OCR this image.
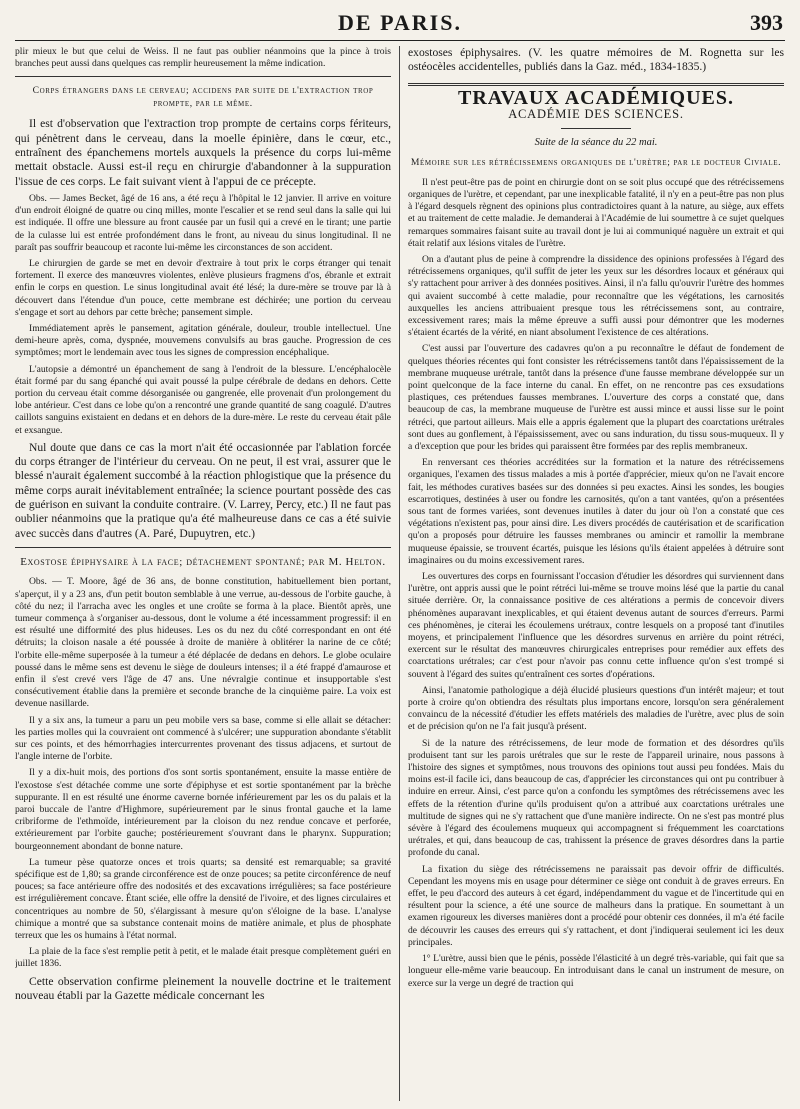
DE PARIS.	393

plir mieux le but que celui de Weiss. Il ne faut pas oublier néanmoins que la pince à trois branches peut aussi dans quelques cas remplir heureusement la même indication.

Corps étrangers dans le cerveau; accidens par suite de l'extraction trop prompte, par le même.

Il est d'observation que l'extraction trop prompte de certains corps fériteurs, qui pénètrent dans le cerveau, dans la moelle épinière, dans le cœur, etc., entraînent des épanchemens mortels auxquels la présence du corps lui-même mettait obstacle. Aussi est-il reçu en chirurgie d'abandonner à la suppuration l'issue de ces corps. Le fait suivant vient à l'appui de ce précepte.

Obs. — James Becket, âgé de 16 ans, a été reçu à l'hôpital le 12 janvier. Il arrive en voiture d'un endroit éloigné de quatre ou cinq milles, monte l'escalier et se rend seul dans la salle qui lui est indiquée. Il offre une blessure au front causée par un fusil qui a crevé en le tirant; une partie de la culasse lui est entrée profondément dans le front, au niveau du sinus longitudinal. Il ne paraît pas souffrir beaucoup et raconte lui-même les circonstances de son accident.

Le chirurgien de garde se met en devoir d'extraire à tout prix le corps étranger qui tenait fortement. Il exerce des manœuvres violentes, enlève plusieurs fragmens d'os, ébranle et extrait enfin le corps en question. Le sinus longitudinal avait été lésé; la dure-mère se trouve par là à découvert dans l'étendue d'un pouce, cette membrane est déchirée; une portion du cerveau s'engage et sort au dehors par cette brèche; pansement simple.

Immédiatement après le pansement, agitation générale, douleur, trouble intellectuel. Une demi-heure après, coma, dyspnée, mouvemens convulsifs au bras gauche. Progression de ces symptômes; mort le lendemain avec tous les signes de compression encéphalique.

L'autopsie a démontré un épanchement de sang à l'endroit de la blessure. L'encéphalocèle était formé par du sang épanché qui avait poussé la pulpe cérébrale de dedans en dehors. Cette portion du cerveau était comme désorganisée ou gangrenée, elle provenait d'un prolongement du lobe antérieur. C'est dans ce lobe qu'on a rencontré une grande quantité de sang coagulé. D'autres caillots sanguins existaient en dedans et en dehors de la dure-mère. Le reste du cerveau était pâle et exsangue.

Nul doute que dans ce cas la mort n'ait été occasionnée par l'ablation forcée du corps étranger de l'intérieur du cerveau. On ne peut, il est vrai, assurer que le blessé n'aurait également succombé à la réaction phlogistique que la présence du même corps aurait inévitablement entraînée; la science pourtant possède des cas de guérison en suivant la conduite contraire. (V. Larrey, Percy, etc.) Il ne faut pas oublier néanmoins que la pratique qu'a été malheureuse dans ce cas a été suivie avec succès dans d'autres (A. Paré, Dupuytren, etc.)

Exostose épiphysaire à la face; détachement spontané; par M. Helton.

Obs. — T. Moore, âgé de 36 ans, de bonne constitution, habituellement bien portant, s'aperçut, il y a 23 ans, d'un petit bouton semblable à une verrue, au-dessous de l'orbite gauche, à côté du nez; il l'arracha avec les ongles et une croûte se forma à la place. Bientôt après, une tumeur commença à s'organiser au-dessous, dont le volume a été incessamment progressif: il en est résulté une difformité des plus hideuses. Les os du nez du côté correspondant en ont été détruits; la cloison nasale a été poussée à droite de manière à oblitérer la narine de ce côté; l'orbite elle-même superposée à la tumeur a été déplacée de dedans en dehors. Le globe oculaire poussé dans le même sens est devenu le siège de douleurs intenses; il a été frappé d'amaurose et enfin il s'est crevé vers l'âge de 47 ans. Une névralgie continue et insupportable s'est consécutivement établie dans la première et seconde branche de la cinquième paire. La voix est devenue nasillarde.

Il y a six ans, la tumeur a paru un peu mobile vers sa base, comme si elle allait se détacher: les parties molles qui la couvraient ont commencé à s'ulcérer; une suppuration abondante s'établit sur ces points, et des hémorrhagies intercurrentes provenant des tissus adjacens, et surtout de l'angle interne de l'orbite.

Il y a dix-huit mois, des portions d'os sont sortis spontanément, ensuite la masse entière de l'exostose s'est détachée comme une sorte d'épiphyse et est sortie spontanément par la brèche suppurante. Il en est résulté une énorme caverne bornée inférieurement par les os du palais et la paroi buccale de l'antre d'Highmore, supérieurement par le sinus frontal gauche et la lame cribriforme de l'ethmoïde, intérieurement par la cloison du nez rendue concave et perforée, extérieurement par l'orbite gauche; postérieurement s'ouvrant dans le pharynx. Suppuration; bourgeonnement abondant de bonne nature.

La tumeur pèse quatorze onces et trois quarts; sa densité est remarquable; sa gravité spécifique est de 1,80; sa grande circonférence est de onze pouces; sa petite circonférence de neuf pouces; sa face antérieure offre des nodosités et des excavations irrégulières; sa face postérieure est irrégulièrement concave. Étant sciée, elle offre la densité de l'ivoire, et des lignes circulaires et concentriques au nombre de 50, s'élargissant à mesure qu'on s'éloigne de la base. L'analyse chimique a montré que sa substance contenait moins de matière animale, et plus de phosphate terreux que les os humains à l'état normal.

La plaie de la face s'est remplie petit à petit, et le malade était presque complètement guéri en juillet 1836.

Cette observation confirme pleinement la nouvelle doctrine et le traitement nouveau établi par la Gazette médicale concernant les

exostoses épiphysaires. (V. les quatre mémoires de M. Rognetta sur les ostéocèles accidentelles, publiés dans la Gaz. méd., 1834-1835.)

TRAVAUX ACADÉMIQUES.
ACADÉMIE DES SCIENCES.
Suite de la séance du 22 mai.
Mémoire sur les rétrécissemens organiques de l'urètre; par le docteur Civiale.

Il n'est peut-être pas de point en chirurgie dont on se soit plus occupé que des rétrécissemens organiques de l'urètre, et cependant, par une inexplicable fatalité, il n'y en a peut-être pas non plus à l'égard desquels règnent des opinions plus contradictoires quant à la nature, au siège, aux effets et au traitement de cette maladie. Je demanderai à l'Académie de lui soumettre à ce sujet quelques remarques sommaires faisant suite au travail dont je lui ai communiqué naguère un extrait et qui était relatif aux lésions vitales de l'urètre.

On a d'autant plus de peine à comprendre la dissidence des opinions professées à l'égard des rétrécissemens organiques, qu'il suffit de jeter les yeux sur les désordres locaux et généraux qui s'y rattachent pour arriver à des données positives. Ainsi, il n'a fallu qu'ouvrir l'urètre des hommes qui avaient succombé à cette maladie, pour reconnaître que les végétations, les carnosités auxquelles les anciens attribuaient presque tous les rétrécissemens sont, au contraire, excessivement rares; mais la même épreuve a suffi aussi pour démontrer que les modernes s'étaient écartés de la vérité, en niant absolument l'existence de ces altérations.

C'est aussi par l'ouverture des cadavres qu'on a pu reconnaître le défaut de fondement de quelques théories récentes qui font consister les rétrécissemens tantôt dans l'épaississement de la membrane muqueuse urétrale, tantôt dans la présence d'une fausse membrane développée sur un point quelconque de la face interne du canal. En effet, on ne rencontre pas ces exsudations plastiques, ces prétendues fausses membranes. L'ouverture des corps a constaté que, dans beaucoup de cas, la membrane muqueuse de l'urètre est aussi mince et aussi lisse sur le point rétréci, que partout ailleurs. Mais elle a appris également que la plupart des coarctations urétrales sont dues au gonflement, à l'épaississement, avec ou sans induration, du tissu sous-muqueux. Il y a d'exception que pour les brides qui paraissent être formées par des replis membraneux.

En renversant ces théories accréditées sur la formation et la nature des rétrécissemens organiques, l'examen des tissus malades a mis à portée d'apprécier, mieux qu'on ne l'avait encore fait, les méthodes curatives basées sur des données si peu exactes. Ainsi les sondes, les bougies escarrotiques, destinées à user ou fondre les carnosités, qu'on a tant vantées, qu'on a présentées sous tant de formes variées, sont devenues inutiles à dater du jour où l'on a constaté que ces végétations n'existent pas, pour ainsi dire. Les divers procédés de cautérisation et de scarification qu'on a proposés pour détruire les fausses membranes ou amincir et ramollir la membrane muqueuse épaissie, se trouvent écartés, puisque les lésions qu'ils étaient appelées à détruire sont imaginaires ou du moins excessivement rares.

Les ouvertures des corps en fournissant l'occasion d'étudier les désordres qui surviennent dans l'urètre, ont appris aussi que le point rétréci lui-même se trouve moins lésé que la partie du canal située derrière. Or, la connaissance positive de ces altérations a permis de concevoir divers phénomènes auparavant inexplicables, et qui étaient devenus autant de sources d'erreurs. Parmi ces phénomènes, je citerai les écoulemens urétraux, contre lesquels on a proposé tant d'inutiles moyens, et principalement l'influence que les désordres survenus en arrière du point rétréci, exercent sur le résultat des manœuvres chirurgicales entreprises pour remédier aux effets des coarctations urétrales; car c'est pour n'avoir pas connu cette influence qu'on s'est trompé si souvent à l'égard des suites qu'entraînent ces sortes d'opérations.

Ainsi, l'anatomie pathologique a déjà élucidé plusieurs questions d'un intérêt majeur; et tout porte à croire qu'on obtiendra des résultats plus importans encore, lorsqu'on sera généralement convaincu de la nécessité d'étudier les effets matériels des maladies de l'urètre, avec plus de soin et de précision qu'on ne l'a fait jusqu'à présent.

Si de la nature des rétrécissemens, de leur mode de formation et des désordres qu'ils produisent tant sur les parois urétrales que sur le reste de l'appareil urinaire, nous passons à l'histoire des signes et symptômes, nous trouvons des opinions tout aussi peu fondées. Mais du moins est-il facile ici, dans beaucoup de cas, d'apprécier les circonstances qui ont pu contribuer à induire en erreur. Ainsi, c'est parce qu'on a confondu les symptômes des rétrécissemens avec les effets de la rétention d'urine qu'ils produisent qu'on a attribué aux coarctations urétrales une multitude de signes qui ne s'y rattachent que d'une manière indirecte. On ne s'est pas montré plus sévère à l'égard des écoulemens muqueux qui accompagnent si fréquemment les coarctations urétrales, et qui, dans beaucoup de cas, trahissent la présence de graves désordres dans la partie profonde du canal.

La fixation du siège des rétrécissemens ne paraissait pas devoir offrir de difficultés. Cependant les moyens mis en usage pour déterminer ce siège ont conduit à de graves erreurs. En effet, le peu d'accord des auteurs à cet égard, indépendamment du vague et de l'incertitude qui en résultent pour la science, a été une source de malheurs dans la pratique. En soumettant à un examen rigoureux les diverses manières dont a procédé pour obtenir ces données, il m'a été facile de découvrir les causes des erreurs qui s'y rattachent, et dont j'indiquerai seulement ici les deux principales.

1° L'urètre, aussi bien que le pénis, possède l'élasticité à un degré très-variable, qui fait que sa longueur elle-même varie beaucoup. En introduisant dans le canal un instrument de mesure, on exerce sur la verge un degré de traction qui
